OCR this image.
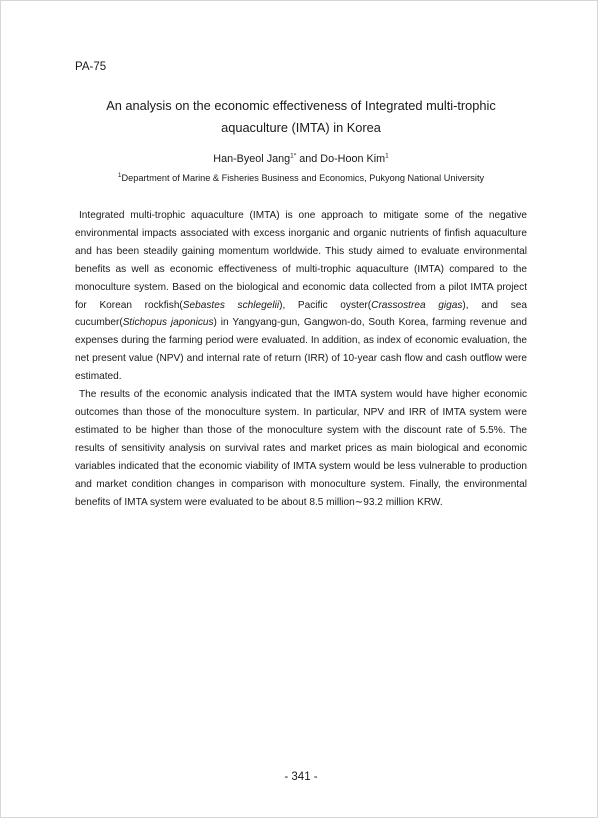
PA-75
An analysis on the economic effectiveness of Integrated multi-trophic
aquaculture (IMTA) in Korea
Han-Byeol Jang$^{1*}$ and Do-Hoon Kim$^1$
$^1$Department of Marine & Fisheries Business and Economics, Pukyong National University

Integrated multi-trophic aquaculture (IMTA) is one approach to mitigate some of the negative environmental impacts associated with excess inorganic and organic nutrients of finfish aquaculture and has been steadily gaining momentum worldwide. This study aimed to evaluate environmental benefits as well as economic effectiveness of multi-trophic aquaculture (IMTA) compared to the monoculture system. Based on the biological and economic data collected from a pilot IMTA project for Korean rockfish(Sebastes schlegelii), Pacific oyster(Crassostrea gigas), and sea cucumber(Stichopus japonicus) in Yangyang-gun, Gangwon-do, South Korea, farming revenue and expenses during the farming period were evaluated. In addition, as index of economic evaluation, the net present value (NPV) and internal rate of return (IRR) of 10-year cash flow and cash outflow were estimated.

The results of the economic analysis indicated that the IMTA system would have higher economic outcomes than those of the monoculture system. In particular, NPV and IRR of IMTA system were estimated to be higher than those of the monoculture system with the discount rate of 5.5%. The results of sensitivity analysis on survival rates and market prices as main biological and economic variables indicated that the economic viability of IMTA system would be less vulnerable to production and market condition changes in comparison with monoculture system. Finally, the environmental benefits of IMTA system were evaluated to be about 8.5 million∼93.2 million KRW.

- 341 -
